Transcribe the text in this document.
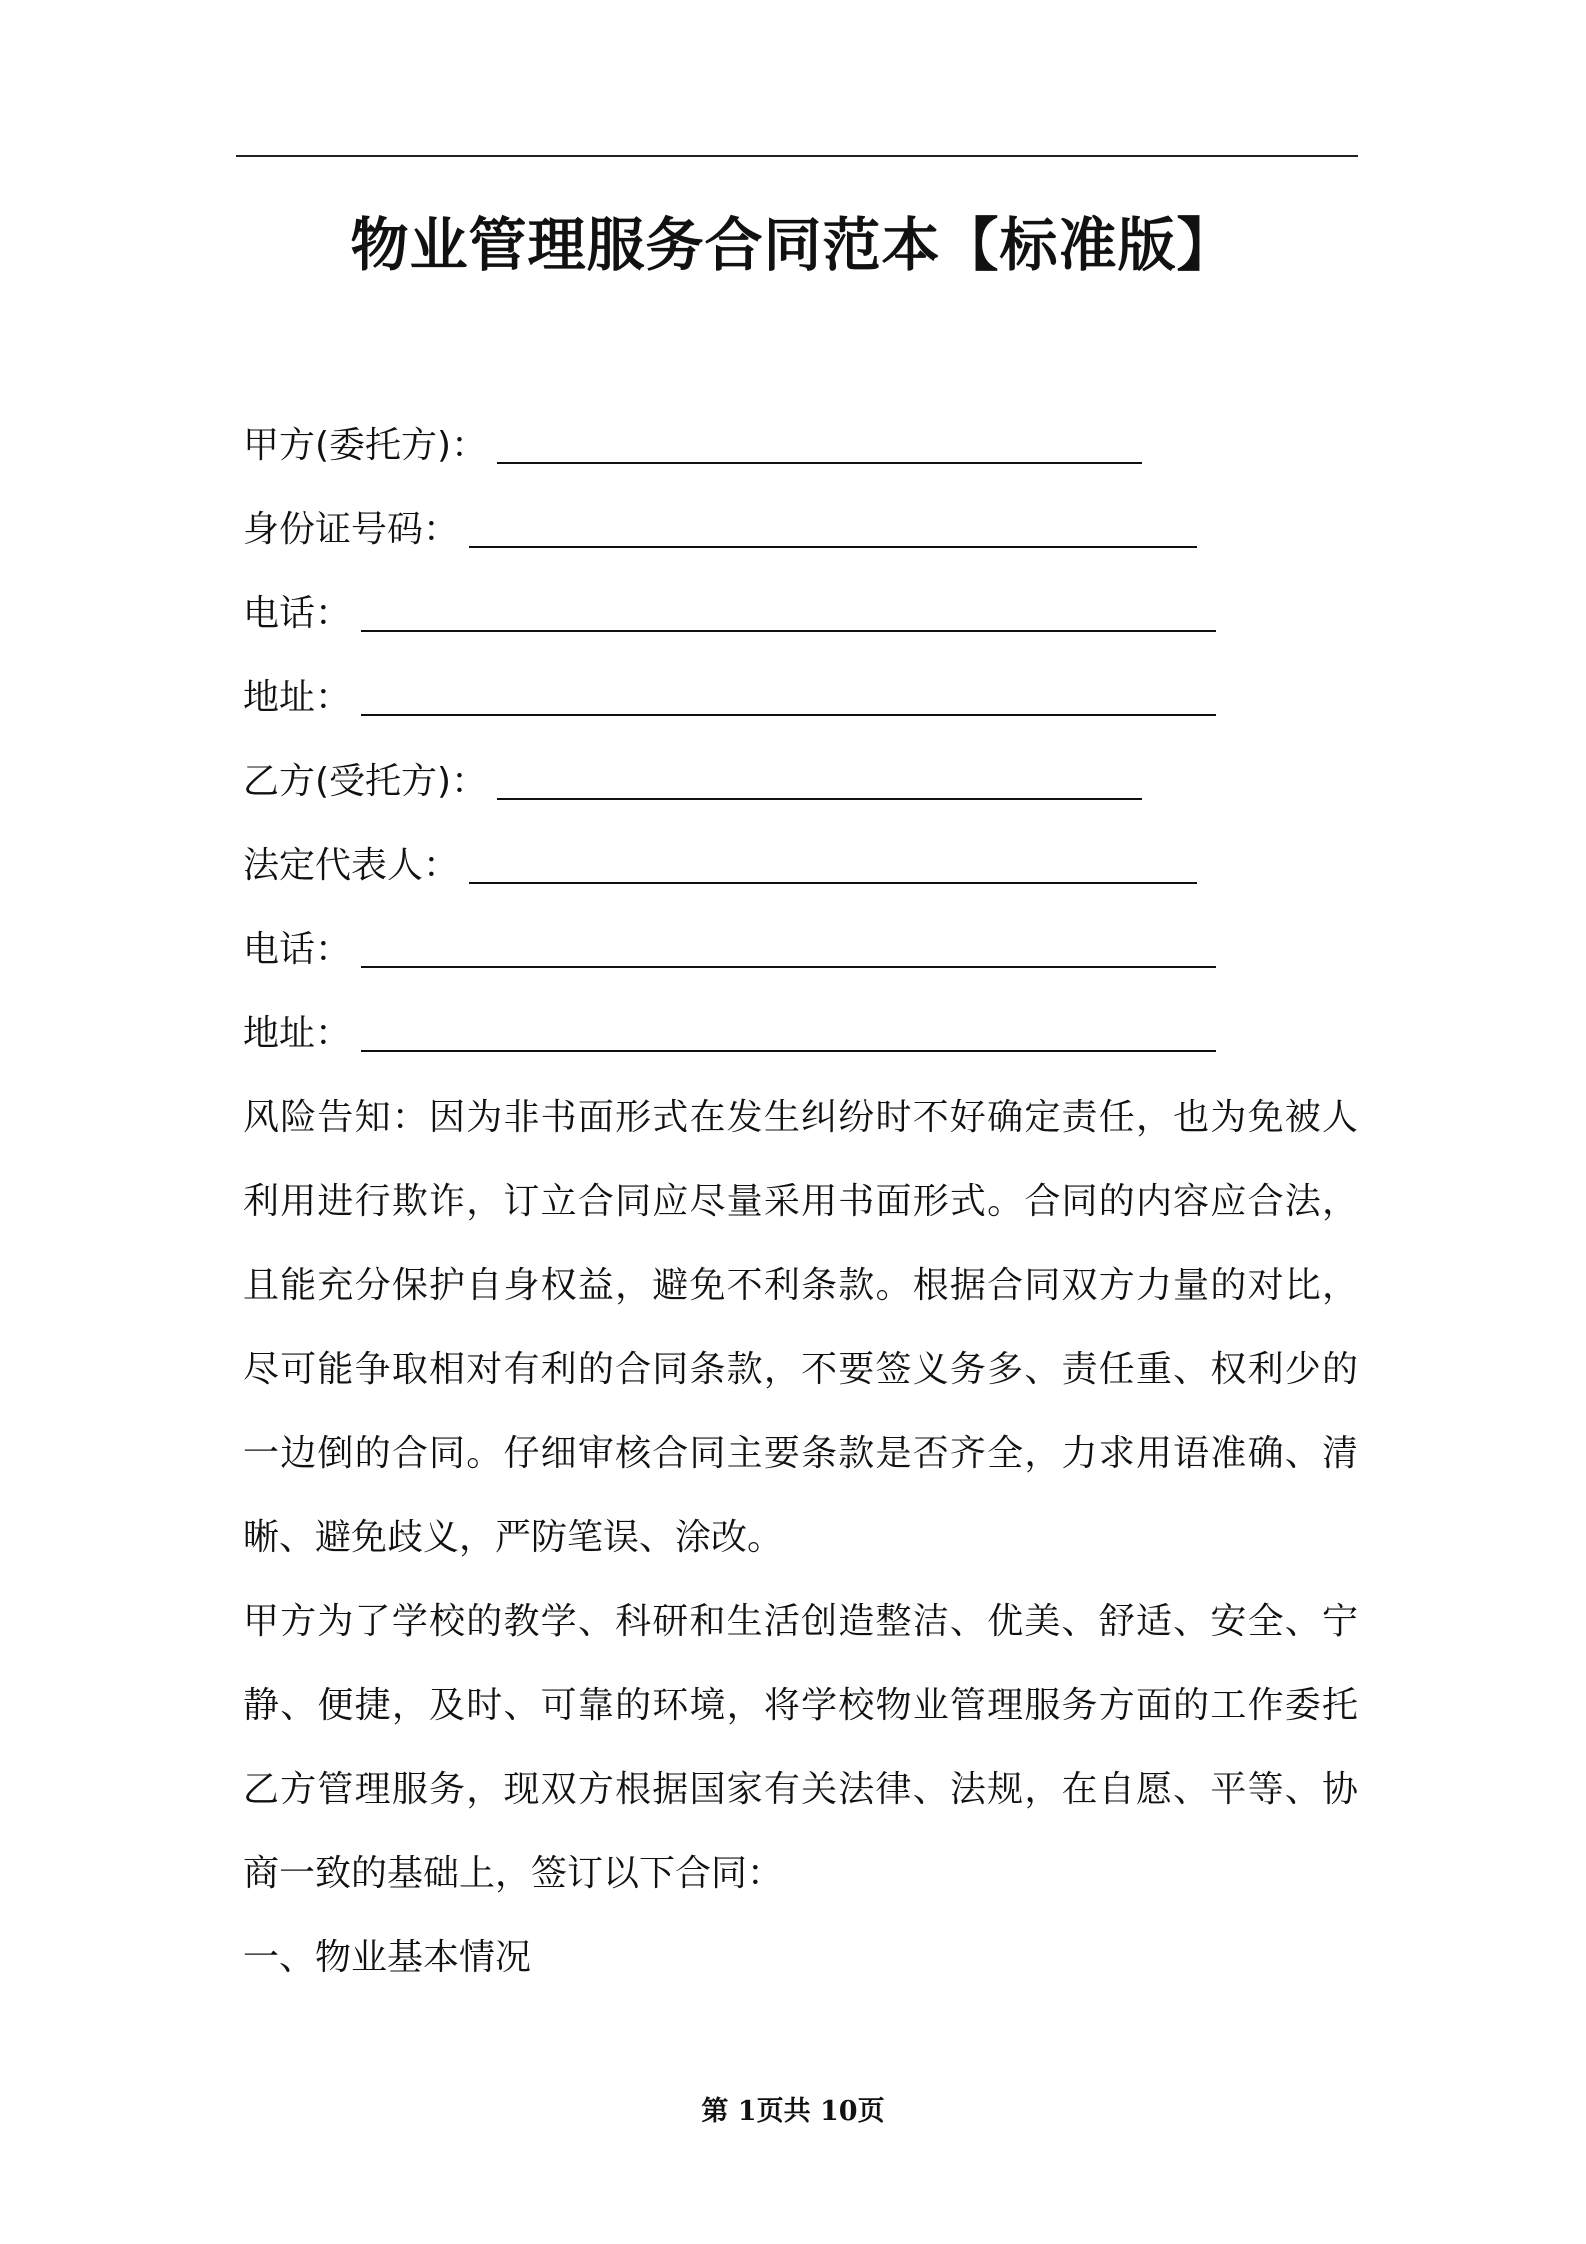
物业管理服务合同范本【标准版】
甲方(委托方)：
身份证号码：
电话：
地址：
乙方(受托方)：
法定代表人：
电话：
地址：

风险告知：因为非书面形式在发生纠纷时不好确定责任，也为免被人利用进行欺诈，订立合同应尽量采用书面形式。合同的内容应合法，且能充分保护自身权益，避免不利条款。根据合同双方力量的对比，尽可能争取相对有利的合同条款，不要签义务多、责任重、权利少的一边倒的合同。仔细审核合同主要条款是否齐全，力求用语准确、清晰、避免歧义，严防笔误、涂改。

甲方为了学校的教学、科研和生活创造整洁、优美、舒适、安全、宁静、便捷，及时、可靠的环境，将学校物业管理服务方面的工作委托乙方管理服务，现双方根据国家有关法律、法规，在自愿、平等、协商一致的基础上，签订以下合同：

一、物业基本情况

第 1页共 10页
